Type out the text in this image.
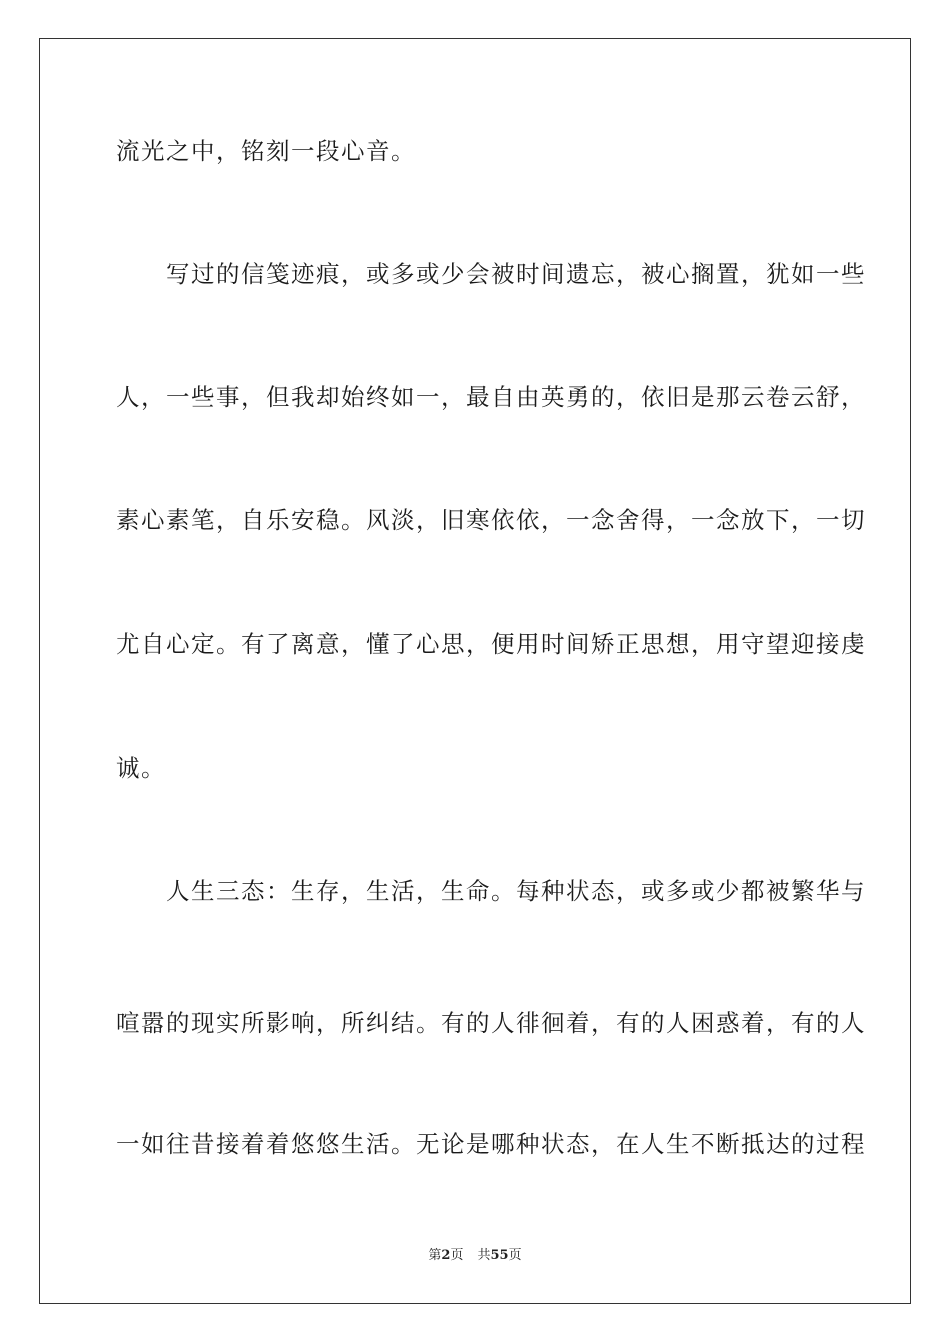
流光之中，铭刻一段心音。
　　写过的信笺迹痕，或多或少会被时间遗忘，被心搁置，犹如一些
人，一些事，但我却始终如一，最自由英勇的，依旧是那云卷云舒，
素心素笔，自乐安稳。风淡，旧寒依依，一念舍得，一念放下，一切
尤自心定。有了离意，懂了心思，便用时间矫正思想，用守望迎接虔
诚。
　　人生三态：生存，生活，生命。每种状态，或多或少都被繁华与
喧嚣的现实所影响，所纠结。有的人徘徊着，有的人困惑着，有的人
一如往昔接着着悠悠生活。无论是哪种状态，在人生不断抵达的过程
第2页 共55页
